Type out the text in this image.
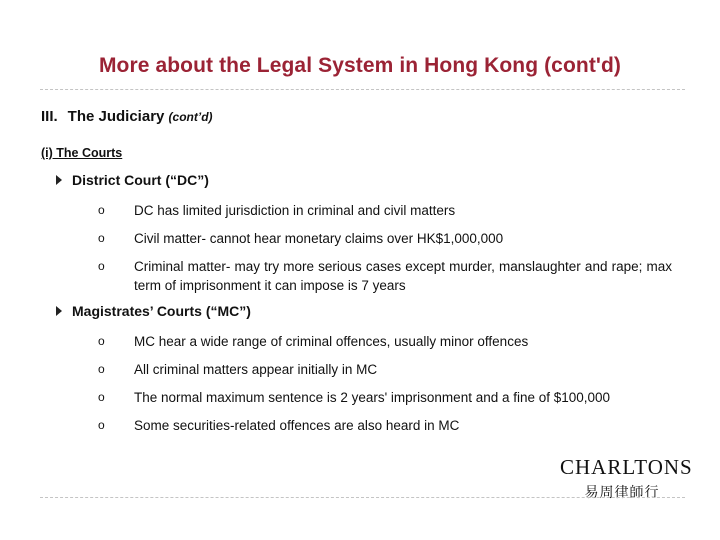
More about the Legal System in Hong Kong (cont'd)
III. The Judiciary (cont’d)
(i) The Courts
District Court (“DC”)
o DC has limited jurisdiction in criminal and civil matters
o Civil matter- cannot hear monetary claims over HK$1,000,000
o Criminal matter- may try more serious cases except murder, manslaughter and rape; max term of imprisonment it can impose is 7 years
Magistrates’ Courts (“MC”)
o MC hear a wide range of criminal offences, usually minor offences
o All criminal matters appear initially in MC
o The normal maximum sentence is 2 years' imprisonment and a fine of $100,000
o Some securities-related offences are also heard in MC
CHARLTONS
易周律師行
